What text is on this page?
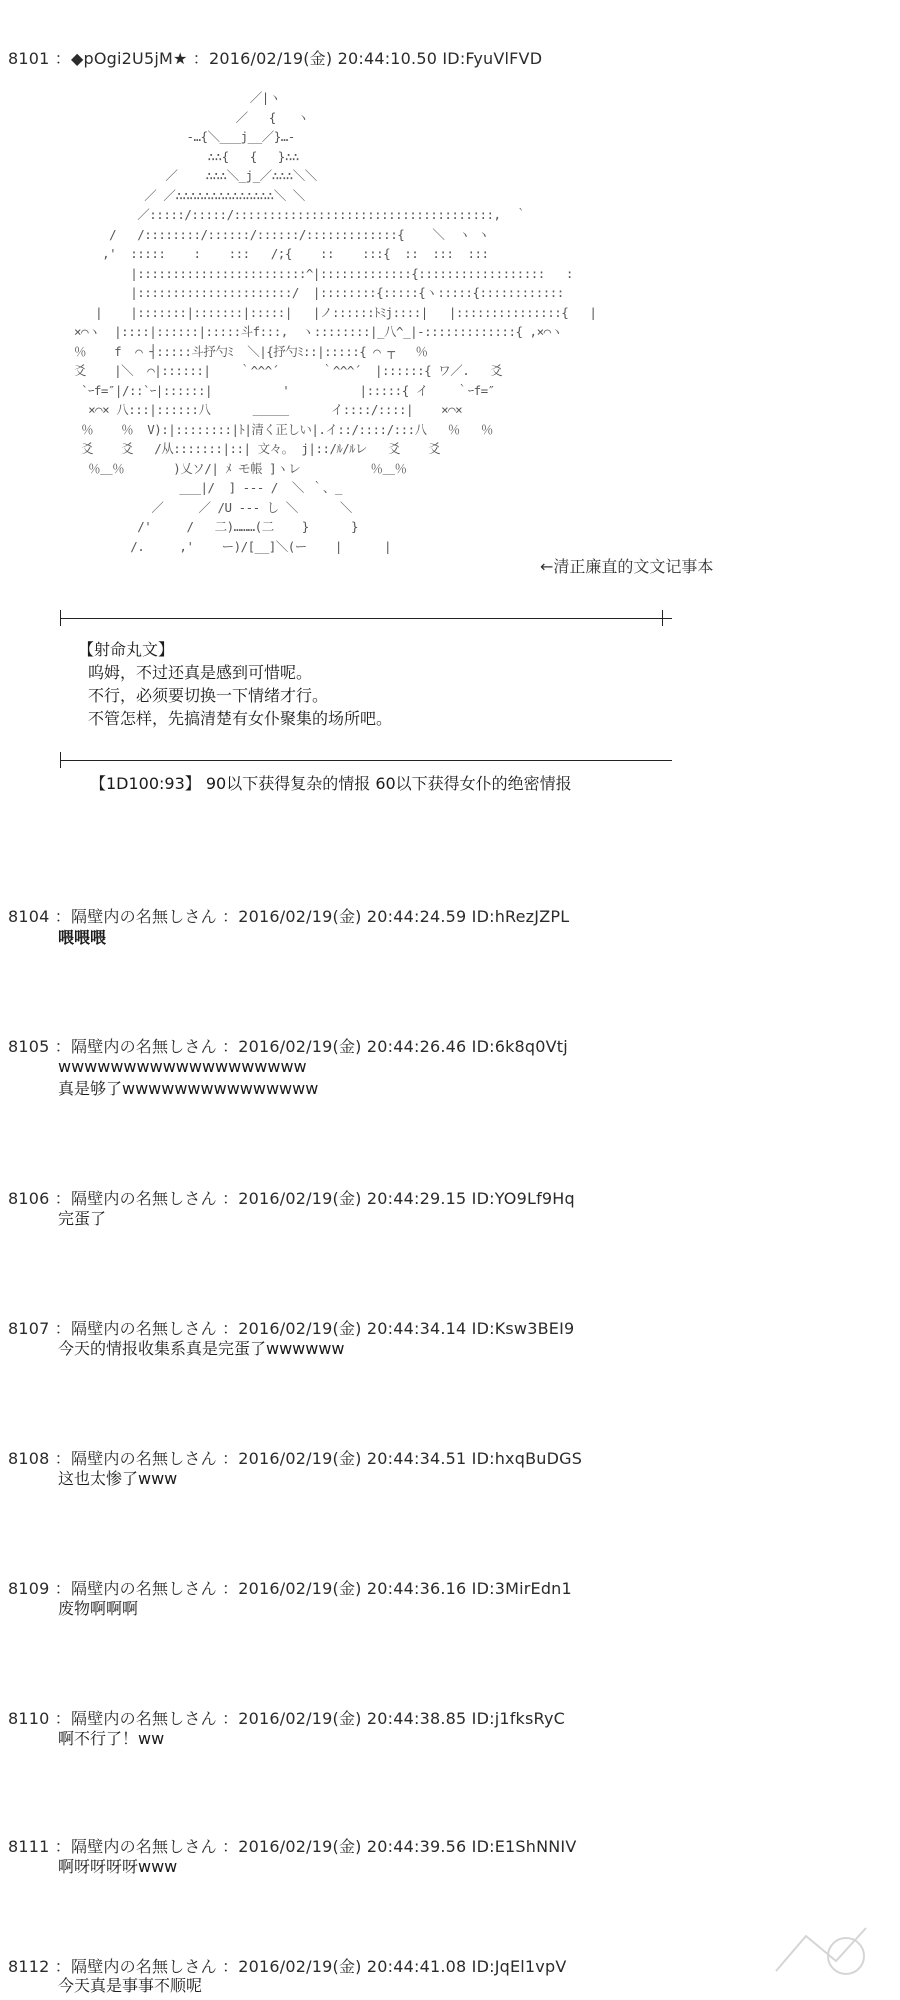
8101 ：◆pOgi2U5jM★ ：2016/02/19(金) 20:44:10.50 ID:FyuVlFVD
／|ヽ
／   {   ヽ
‐…{＼___j__／}…‐
∴∴{   {   }∴∴
／    ∴∴∴＼_j_／∴∴∴＼＼
／ ／∴∴∴∴∴∴∴∴∴∴∴∴∴∴＼ ＼
／:::::/:::::/:::::::::::::::::::::::::::::::::::::,  ｀
/   /::::::::/::::::/::::::/:::::::::::::{    ＼  ヽ ヽ
,'  :::::    :    :::   /;{    ::    :::{  ::  :::  :::
|::::::::::::::::::::::::^|:::::::::::::{::::::::::::::::::   :
|::::::::::::::::::::::/  |::::::::{:::::{ヽ:::::{::::::::::::
|    |:::::::|:::::::|:::::|   |ノ::::::ﾄﾐj::::|   |:::::::::::::::{   |
×⌒ヽ  |::::|::::::|:::::斗f:::,  ヽ::::::::|_八^_|-:::::::::::::{ ,×⌒ヽ
％    f  ⌒ ┤:::::斗抒勺ﾐ  ＼|{抒勺ﾐ::|:::::{ ⌒ ┬   ％
爻    |＼  ⌒|::::::|    ｀^^^´      ｀^^^´  |::::::{ ワ／.   爻
`ｰf=″|/::`ｰ|::::::|          '          |:::::{ イ    ｀ｰf=″
×⌒× 八:::|::::::八      ＿＿＿      イ::::/::::|    ×⌒×
％    ％  V):|::::::::|ﾄ|清く正しい|.イ::/::::/:::八   ％   ％
爻    爻   /从:::::::|::| 文々｡  j|::/ﾙ/ﾙレ   爻    爻
％＿％       )乂ソ/| ﾒ モ帳 ]ヽレ          ％＿％
___|/  ] --- /  ＼ ｀、_
／     ／ /U --- し ＼      ＼
/'     /   二)………(二    }      }
/.     ,'    ー)/[__]＼(ー    |      |
←清正廉直的文文记事本
【射命丸文】
呜姆，不过还真是感到可惜呢。
不行，必须要切换一下情绪才行。
不管怎样，先搞清楚有女仆聚集的场所吧。
【1D100:93】 90以下获得复杂的情报 60以下获得女仆的绝密情报
8104 ：隔壁内の名無しさん ：2016/02/19(金) 20:44:24.59 ID:hRezJZPL
喂喂喂
8105 ：隔壁内の名無しさん ：2016/02/19(金) 20:44:26.46 ID:6k8q0Vtj
wwwwwwwwwwwwwwwwwww
真是够了wwwwwwwwwwwwwww
8106 ：隔壁内の名無しさん ：2016/02/19(金) 20:44:29.15 ID:YO9Lf9Hq
完蛋了
8107 ：隔壁内の名無しさん ：2016/02/19(金) 20:44:34.14 ID:Ksw3BEI9
今天的情报收集系真是完蛋了wwwwww
8108 ：隔壁内の名無しさん ：2016/02/19(金) 20:44:34.51 ID:hxqBuDGS
这也太惨了www
8109 ：隔壁内の名無しさん ：2016/02/19(金) 20:44:36.16 ID:3MirEdn1
废物啊啊啊
8110 ：隔壁内の名無しさん ：2016/02/19(金) 20:44:38.85 ID:j1fksRyC
啊不行了！ww
8111 ：隔壁内の名無しさん ：2016/02/19(金) 20:44:39.56 ID:E1ShNNIV
啊呀呀呀呀www
8112 ：隔壁内の名無しさん ：2016/02/19(金) 20:44:41.08 ID:JqEl1vpV
今天真是事事不顺呢
